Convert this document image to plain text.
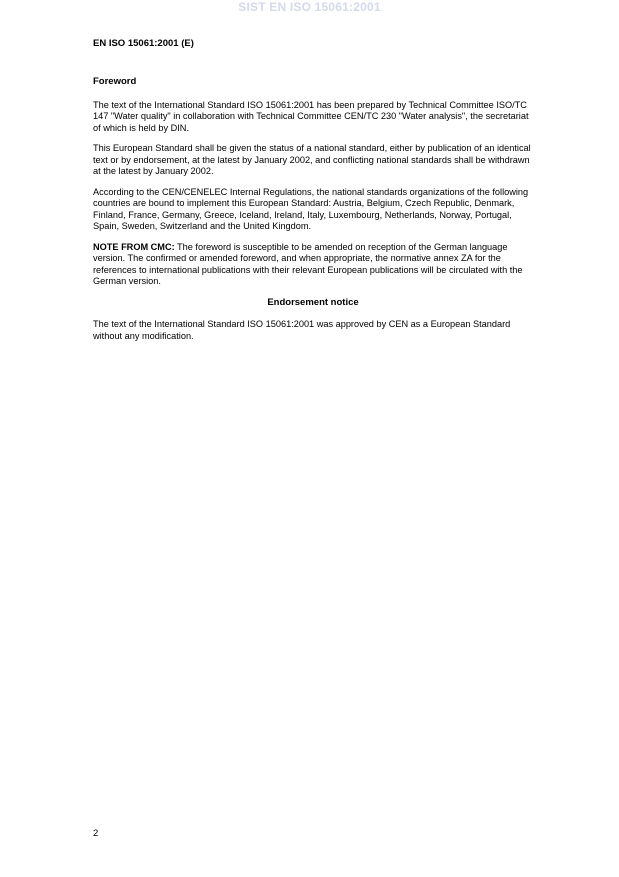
SIST EN ISO 15061:2001
EN ISO 15061:2001 (E)
Foreword

The text of the International Standard ISO 15061:2001 has been prepared by Technical Committee ISO/TC 147 "Water quality" in collaboration with Technical Committee CEN/TC 230 "Water analysis", the secretariat of which is held by DIN.

This European Standard shall be given the status of a national standard, either by publication of an identical text or by endorsement, at the latest by January 2002, and conflicting national standards shall be withdrawn at the latest by January 2002.

According to the CEN/CENELEC Internal Regulations, the national standards organizations of the following countries are bound to implement this European Standard: Austria, Belgium, Czech Republic, Denmark, Finland, France, Germany, Greece, Iceland, Ireland, Italy, Luxembourg, Netherlands, Norway, Portugal, Spain, Sweden, Switzerland and the United Kingdom.

NOTE FROM CMC: The foreword is susceptible to be amended on reception of the German language version. The confirmed or amended foreword, and when appropriate, the normative annex ZA for the references to international publications with their relevant European publications will be circulated with the German version.

Endorsement notice

The text of the International Standard ISO 15061:2001 was approved by CEN as a European Standard without any modification.

2
